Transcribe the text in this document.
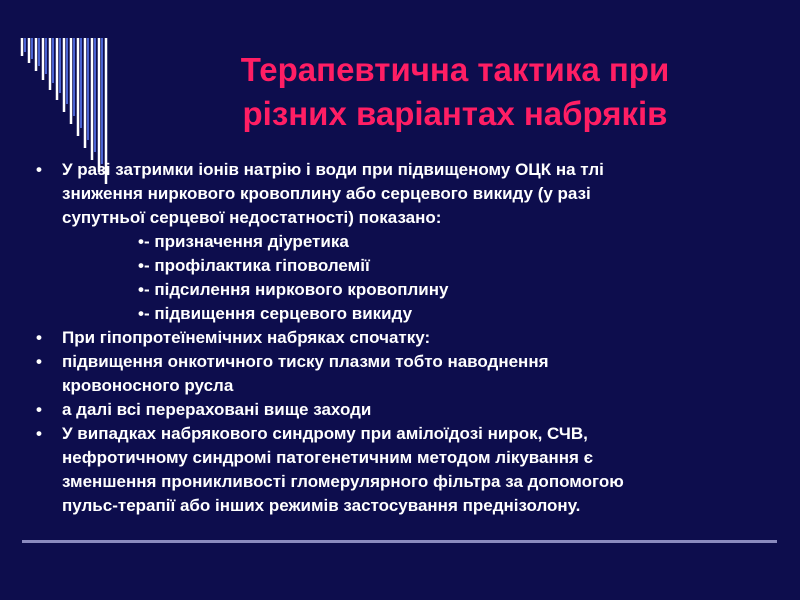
Терапевтична тактика при
різних варіантах набряків
•	У разі затримки іонів натрію і води при підвищеному ОЦК на тлі
зниження ниркового кровоплину або серцевого викиду (у разі
супутньої серцевої недостатності) показано:
•- призначення діуретика
•- профілактика гіповолемії
•- підсилення ниркового кровоплину
•- підвищення серцевого викиду
•	При гіпопротеїнемічних набряках спочатку:
•	підвищення онкотичного тиску плазми тобто наводнення
кровоносного русла
•	а далі всі перераховані вище заходи
•	У випадках набрякового синдрому при амілоїдозі нирок, СЧВ,
нефротичному синдромі патогенетичним методом лікування є
зменшення проникливості гломерулярного фільтра за допомогою
пульс-терапії або інших режимів застосування преднізолону.
